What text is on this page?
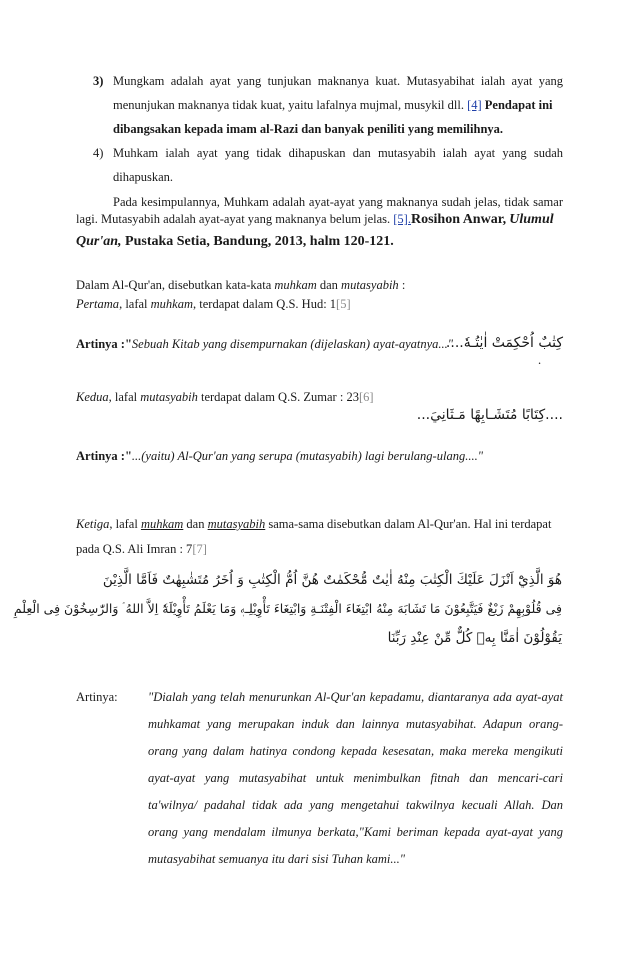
3) Mungkam adalah ayat yang tunjukan maknanya kuat. Mutasyabihat ialah ayat yang
menunjukan maknanya tidak kuat, yaitu lafalnya mujmal, musykil dll. [4] Pendapat ini
dibangsakan kepada imam al-Razi dan banyak peniliti yang memilihnya.
4) Muhkam ialah ayat yang tidak dihapuskan dan mutasyabih ialah ayat yang sudah
dihapuskan.
Pada kesimpulannya, Muhkam adalah ayat-ayat yang maknanya sudah jelas, tidak samar
lagi. Mutasyabih adalah ayat-ayat yang maknanya belum jelas. [5].Rosihon Anwar, Ulumul
Qur'an, Pustaka Setia, Bandung, 2013, halm 120-121.
Dalam Al-Qur'an, disebutkan kata-kata muhkam dan mutasyabih :
Pertama, lafal muhkam, terdapat dalam Q.S. Hud: 1[5]
Artinya :"Sebuah Kitab yang disempurnakan (dijelaskan) ayat-ayatnya..."
كِتٰبٌ اُحْكِمَتْ اٰيٰتُـهٗ....
.
Kedua, lafal mutasyabih terdapat dalam Q.S. Zumar : 23[6]
....كِتَابًا مُتَشَـابِهًا مَـثَانِيَ...
Artinya :"...(yaitu) Al-Qur'an yang serupa (mutasyabih) lagi berulang-ulang...."
Ketiga, lafal muhkam dan mutasyabih sama-sama disebutkan dalam Al-Qur'an. Hal ini terdapat
pada Q.S. Ali Imran : 7[7]
هُوَ الَّذِيْٓ اَنْزَلَ عَلَيْكَ الْكِتٰبَ مِنْهُ اٰيٰتٌ مُّحْكَمٰتٌ هُنَّ اُمُّ الْكِتٰبِ وَ اُخَرُ مُتَشٰبِهٰتٌ فَاَمَّا الَّذِيْنَ
فِى قُلُوْبِهِمْ زَيْغٌ فَيَتَّبِعُوْنَ مَا تَشَابَهَ مِنْهُ ابْتِغَاءَ الْفِتْنَـةِ وَابْتِغَاءَ تَأْوِيْلِـهٖ وَمَا يَعْلَمُ تَأْوِيْلَهٗٓ اِلاَّ اللهُ ۘ وَالرّٰسِخُوْنَ فِى الْعِلْمِ
يَقُوْلُوْنَ اٰمَنَّا بِهٖ كُلٌّ مِّنْ عِنْدِ رَبِّنَا
Artinya: "Dialah yang telah menurunkan Al-Qur'an kepadamu, diantaranya ada ayat-ayat
muhkamat yang merupakan induk dan lainnya mutasyabihat. Adapun orang-
orang yang dalam hatinya condong kepada kesesatan, maka mereka mengikuti
ayat-ayat yang mutasyabihat untuk menimbulkan fitnah dan mencari-cari
ta'wilnya/ padahal tidak ada yang mengetahui takwilnya kecuali Allah. Dan
orang yang mendalam ilmunya berkata,"Kami beriman kepada ayat-ayat yang
mutasyabihat semuanya itu dari sisi Tuhan kami..."
